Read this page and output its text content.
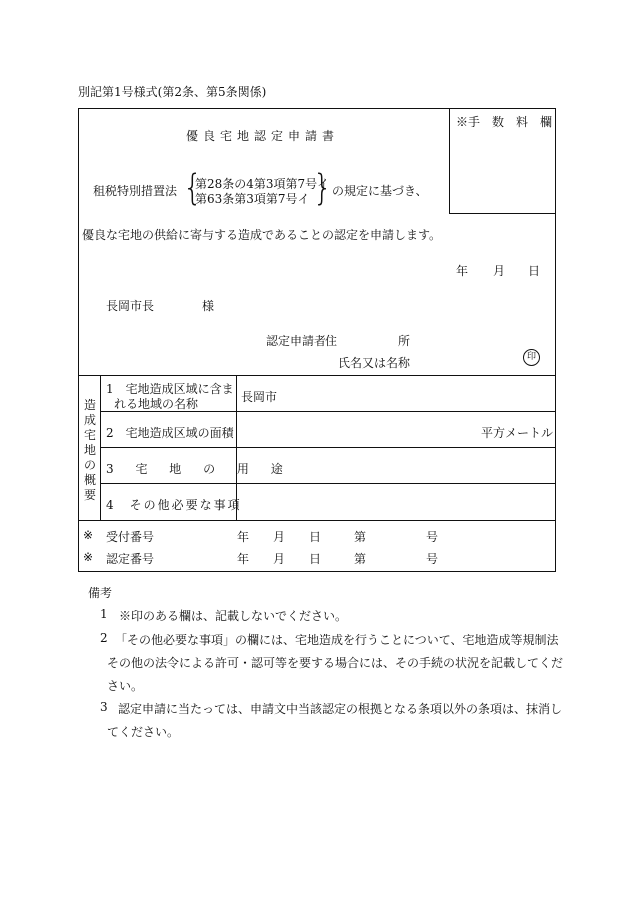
別記第1号様式(第2条、第5条関係)
※手　数　料　欄
優良宅地認定申請書
租税特別措置法 {
第28条の4第3項第7号イ
第63条第3項第7号イ } の規定に基づき、
優良な宅地の供給に寄与する造成であることの認定を申請します。
年 月 日
長岡市長	様
認定申請者
住	所
氏名又は名称	印
造成宅地の概要
1　宅地造成区域に含ま
れる地域の名称	長岡市
2　宅地造成区域の面積	平方メートル
3 宅 地 の 用 途
4　その他必要な事項
※ 受付番号	年 月 日	第	号
※ 認定番号	年 月 日	第	号
備考
1 ※印のある欄は、記載しないでください。
2 「その他必要な事項」の欄には、宅地造成を行うことについて、宅地造成等規制法
その他の法令による許可・認可等を要する場合には、その手続の状況を記載してくだ
さい。
3 認定申請に当たっては、申請文中当該認定の根拠となる条項以外の条項は、抹消し
てください。
